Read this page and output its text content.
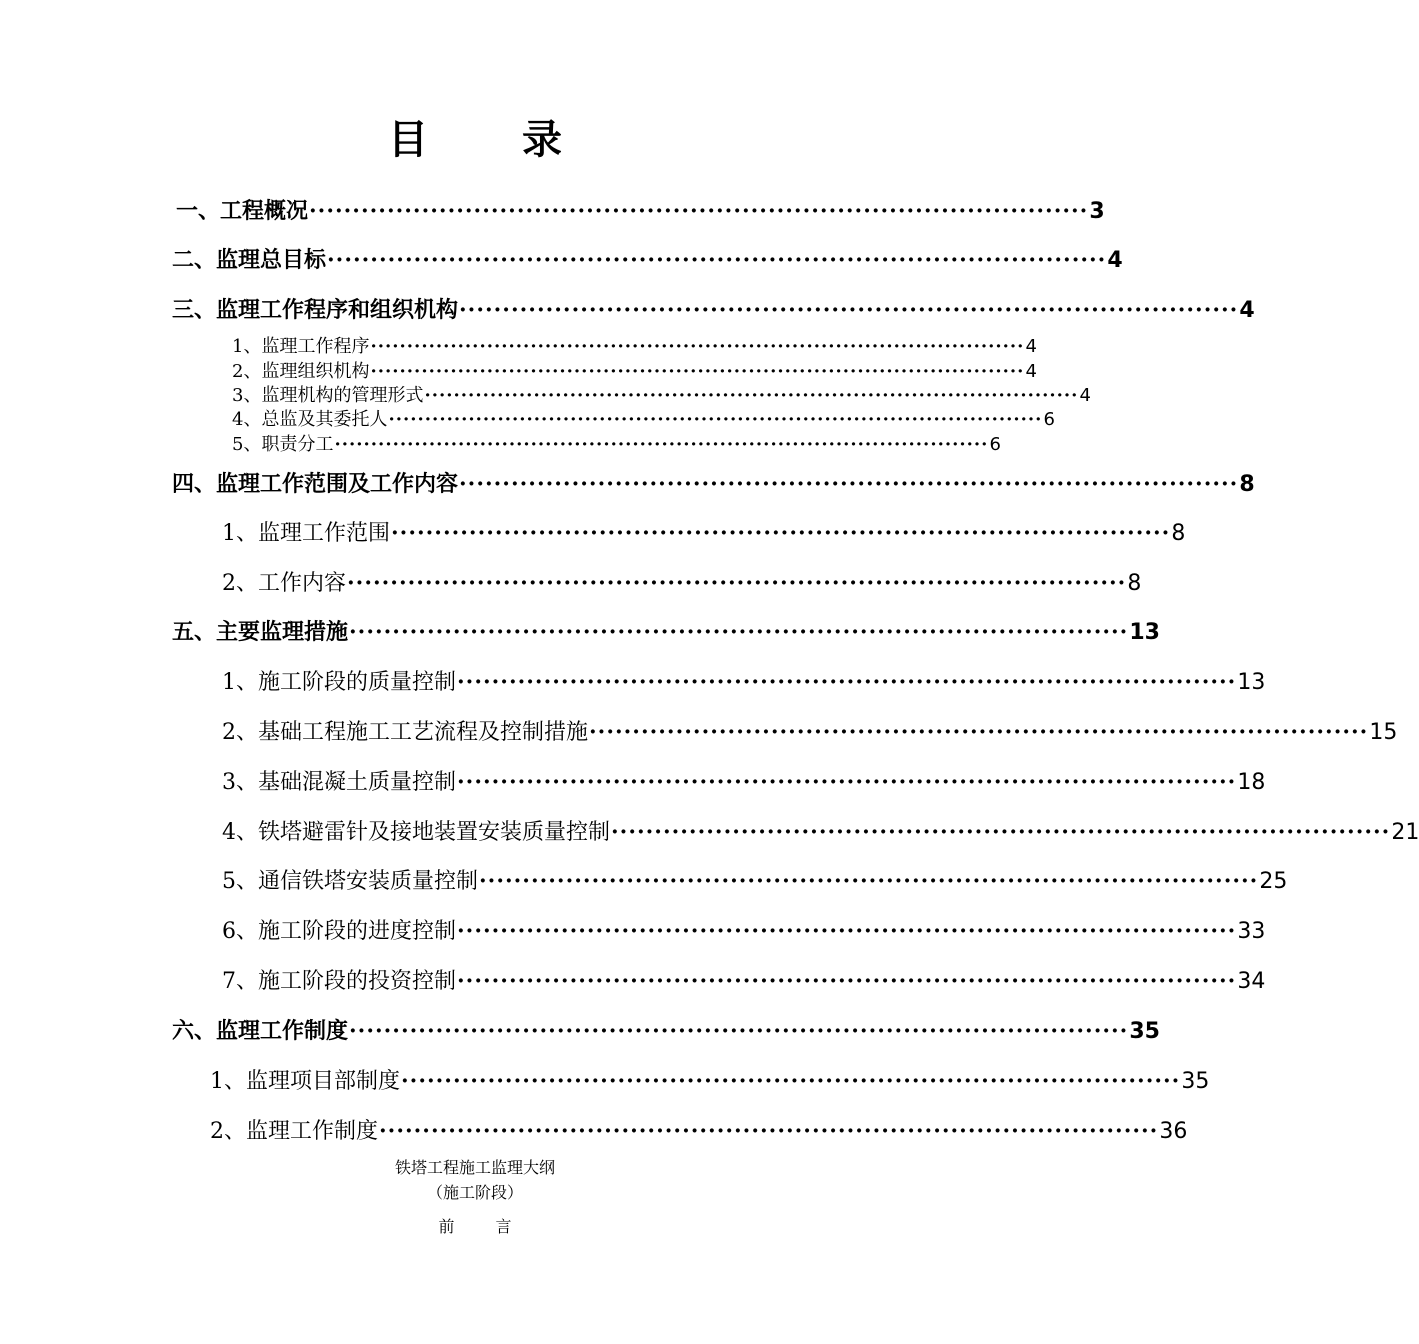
目 录
一、工程概况 ·························································································· 3
二、监理总目标 ·························································································· 4
三、监理工作程序和组织机构 ·························································································· 4
1、监理工作程序 ·························································································· 4
2、监理组织机构 ·························································································· 4
3、监理机构的管理形式 ·························································································· 4
4、总监及其委托人 ·························································································· 6
5、职责分工 ·························································································· 6
四、监理工作范围及工作内容 ·························································································· 8
1、监理工作范围 ·························································································· 8
2、工作内容 ·························································································· 8
五、主要监理措施 ·························································································· 13
1、施工阶段的质量控制 ·························································································· 13
2、基础工程施工工艺流程及控制措施 ·························································································· 15
3、基础混凝土质量控制 ·························································································· 18
4、铁塔避雷针及接地装置安装质量控制 ·························································································· 21
5、通信铁塔安装质量控制 ·························································································· 25
6、施工阶段的进度控制 ·························································································· 33
7、施工阶段的投资控制 ·························································································· 34
六、监理工作制度 ·························································································· 35
1、监理项目部制度 ·························································································· 35
2、监理工作制度 ·························································································· 36
铁塔工程施工监理大纲
（施工阶段）
前 言
